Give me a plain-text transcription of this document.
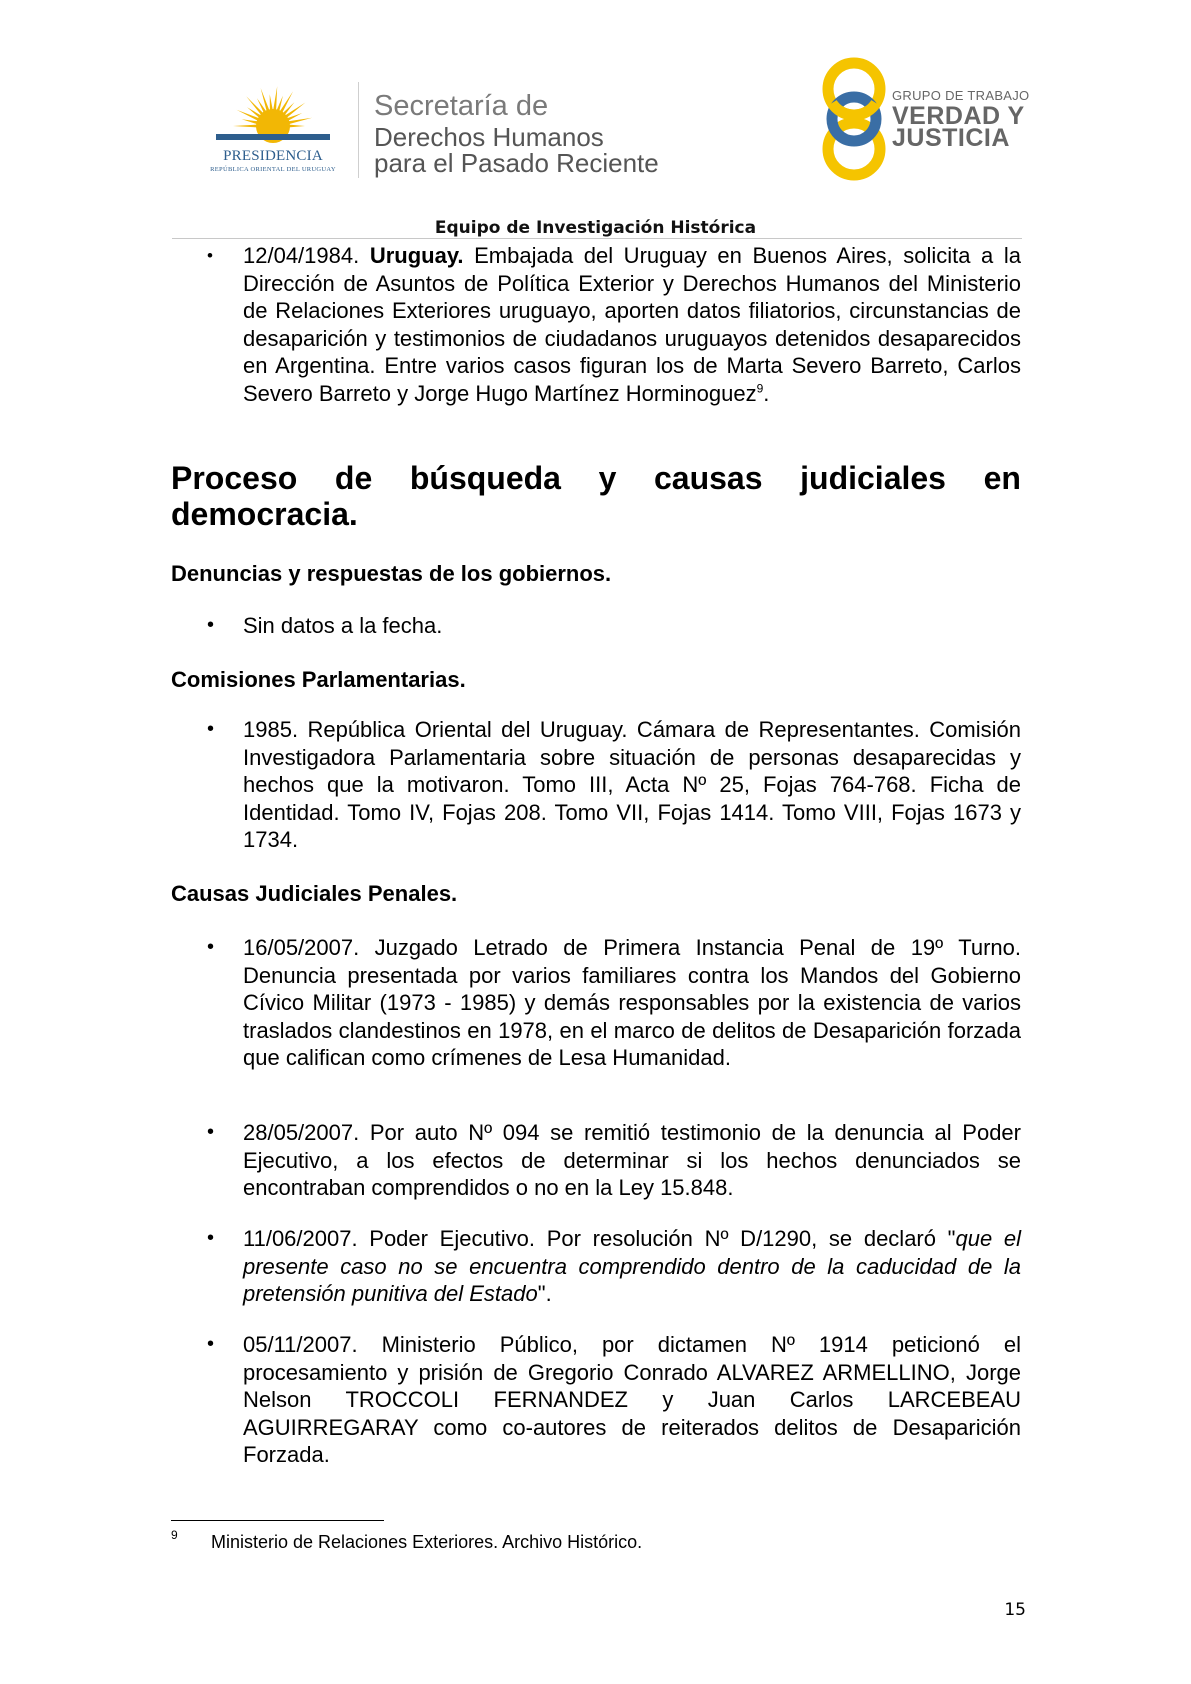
PRESIDENCIA
REPÚBLICA ORIENTAL DEL URUGUAY
Secretaría de
Derechos Humanos
para el Pasado Reciente
GRUPO DE TRABAJO
VERDAD Y
JUSTICIA
Equipo de Investigación Histórica
• 12/04/1984. Uruguay. Embajada del Uruguay en Buenos Aires, solicita a la Dirección de Asuntos de Política Exterior y Derechos Humanos del Ministerio de Relaciones Exteriores uruguayo, aporten datos filiatorios, circunstancias de desaparición y testimonios de ciudadanos uruguayos detenidos desaparecidos en Argentina. Entre varios casos figuran los de Marta Severo Barreto, Carlos Severo Barreto y Jorge Hugo Martínez Horminoguez$^9$.
Proceso de búsqueda y causas judiciales en
democracia.
Denuncias y respuestas de los gobiernos.
• Sin datos a la fecha.
Comisiones Parlamentarias.
• 1985. República Oriental del Uruguay. Cámara de Representantes. Comisión Investigadora Parlamentaria sobre situación de personas desaparecidas y hechos que la motivaron. Tomo III, Acta Nº 25, Fojas 764-768. Ficha de Identidad. Tomo IV, Fojas 208. Tomo VII, Fojas 1414. Tomo VIII, Fojas 1673 y 1734.
Causas Judiciales Penales.
• 16/05/2007. Juzgado Letrado de Primera Instancia Penal de 19º Turno. Denuncia presentada por varios familiares contra los Mandos del Gobierno Cívico Militar (1973 - 1985) y demás responsables por la existencia de varios traslados clandestinos en 1978, en el marco de delitos de Desaparición forzada que califican como crímenes de Lesa Humanidad.
• 28/05/2007. Por auto Nº 094 se remitió testimonio de la denuncia al Poder Ejecutivo, a los efectos de determinar si los hechos denunciados se encontraban comprendidos o no en la Ley 15.848.
• 11/06/2007. Poder Ejecutivo. Por resolución Nº D/1290, se declaró "que el presente caso no se encuentra comprendido dentro de la caducidad de la pretensión punitiva del Estado".
• 05/11/2007. Ministerio Público, por dictamen Nº 1914 peticionó el procesamiento y prisión de Gregorio Conrado ALVAREZ ARMELLINO, Jorge Nelson TROCCOLI FERNANDEZ y Juan Carlos LARCEBEAU AGUIRREGARAY como co-autores de reiterados delitos de Desaparición Forzada.
9 Ministerio de Relaciones Exteriores. Archivo Histórico.
15
